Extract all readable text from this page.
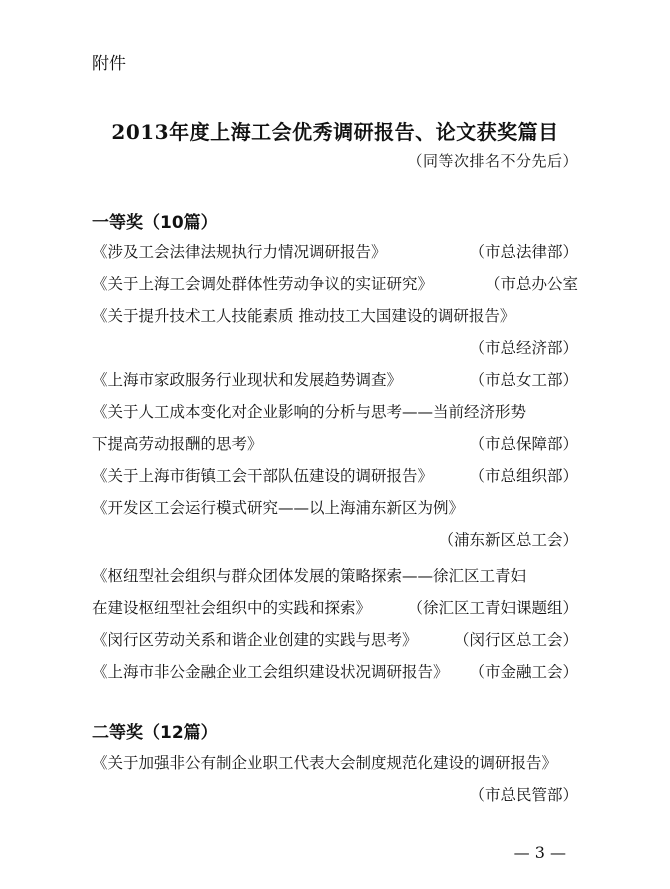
附件
2013年度上海工会优秀调研报告、论文获奖篇目
（同等次排名不分先后）
一等奖（10篇）
《涉及工会法律法规执行力情况调研报告》	（市总法律部）
《关于上海工会调处群体性劳动争议的实证研究》	（市总办公室
《关于提升技术工人技能素质 推动技工大国建设的调研报告》
（市总经济部）
《上海市家政服务行业现状和发展趋势调查》	（市总女工部）
《关于人工成本变化对企业影响的分析与思考——当前经济形势
下提高劳动报酬的思考》	（市总保障部）
《关于上海市街镇工会干部队伍建设的调研报告》 （市总组织部）
《开发区工会运行模式研究——以上海浦东新区为例》
（浦东新区总工会）
《枢纽型社会组织与群众团体发展的策略探索——徐汇区工青妇
在建设枢纽型社会组织中的实践和探索》 （徐汇区工青妇课题组）
《闵行区劳动关系和谐企业创建的实践与思考》 （闵行区总工会）
《上海市非公金融企业工会组织建设状况调研报告》 （市金融工会）
二等奖（12篇）
《关于加强非公有制企业职工代表大会制度规范化建设的调研报告》
（市总民管部）
— 3 —
